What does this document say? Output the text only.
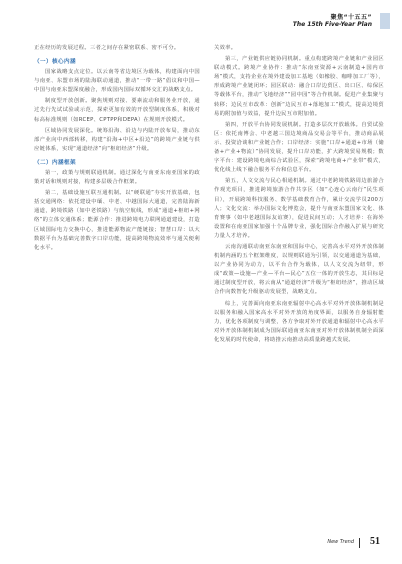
聚焦“十五五”
The 15th Five-Year Plan

正在经历的发展过程。三者之间存在紧密联系、密不可分。

（一）核心内涵

国家战略支点定位。以云南等省边境区为载体，构建面向中国与南亚、东盟市场的陆海联动通道，推动“一带一路”倡议和中国—中国与南亚东盟深度融合，形成国内国际双循环交汇的战略支点。

制度型开放创新。聚焦规则对接、要素流动和服务业开放，通过先行先试试验或示范，探索更加有效的开放型制度体系，积极对标高标准规则（如RCEP、CPTPP和DEPA）在规则开放模式。

区域协同发展深化。统筹沿海、沿边与内陆开放布局，推动东部产业向中西部转移，构建“沿海+中区+沿边”的跨境产业链与供应链体系，实现“通道经济”向“枢纽经济”升级。

（二）内涵框架

第一，政策与规则联通机制。通过深化与南亚东南亚国家的政策对话和规则对接，构建多层级合作框架。

第二，基础设施互联互通机制。以“硬联通”夯实开放基础，包括交通网络：依托建设中缅、中老、中越国际大通道，完善陆海新通道，跨境铁路（如中老铁路）与航空航线，形成“通道+枢纽+网络”的立体交通体系；能源合作：推进跨境电力联网通道建设，打造区域国际电力交换中心，推进能源物流产能链接；智慧口岸：以大数据平台为基础完善数字口岸功能，提高跨境物流效率与通关便利化水平。

关效率。

第三，产业链供应链协同机制。重点构建跨境产业链和产业园区联动模式。跨境产业协作：推动“东南亚资源+云南制造+国内市场”模式，支持企业在境外建设加工基地（如橡胶、咖啡加工厂等），形成跨境产业链闭环；园区联动：融合口岸边贸区、出口区、综保区等载体平台，推动“飞地经济”“园中园”等合作机制。促进产业集聚与转移；边民互市改革：创新“边民互市+落地加工”模式，提高边境贸易的附加值与效益，提升边民互市附加值。

第四，开放平台协同发展机制。打造多层次开放载体。自贸试验区：依托南博会、中老越三国边境商品交易会等平台，推动商品展示、投资洽谈和产业链合作；口岸经济：实施“口岸+通道+市场（储备+产业+物流）”协同发展，提升口岸功能，扩大跨境贸易规模；数字平台：建设跨境电商综合试验区，探索“跨境电商+产业带”模式，优化线上线下融合服务平台和信息平台。

第五，人文交流与民心相通机制。通过中老跨境铁路周边旅游合作观光项目，推进跨境旅游合作共享区（如“心连心云南行”民生项目），开展跨境科技服务、数学基础教育合作，累计交流学员200万人；文化交流：举办国际文化博览会，提升与南亚东盟国家文化、体育赛事（如中老越国际友谊赛），促进民间互动；人才培养：在海外设置和在南亚国家加强十个品牌专业，强化国际合作融入扩展与研究力量人才培养。

云南沟通联动南亚东南亚和国际中心，完善高水平对外开放体制机制内涵的五个框架维度，以规则联通为引领，以交通通道为基础，以产业协同为动力，以平台合作为载体，以人文交流为纽带，形成“政策—设施—产业—平台—民心”五位一体的开放生态，其目标是通过制度型开放，将云南从“通道经济”升级为“枢纽经济”，推动区域合作向数智化升级驱动发展型，战略支点。

综上，完善面向南亚东南亚辐射中心高水平对外开放体制机制是以服务和融入国家高水平对外开放的角度界面，以服务自身辐射能力，优化各项制度与调整，各方争取对外开放通道和辐射中心高水平对外开放体制机制成为国际联通南亚东南亚对外开放体制机制全面深化发展的时代使命，将助推云南推动高质量跨越式发展。

New Trend 51
